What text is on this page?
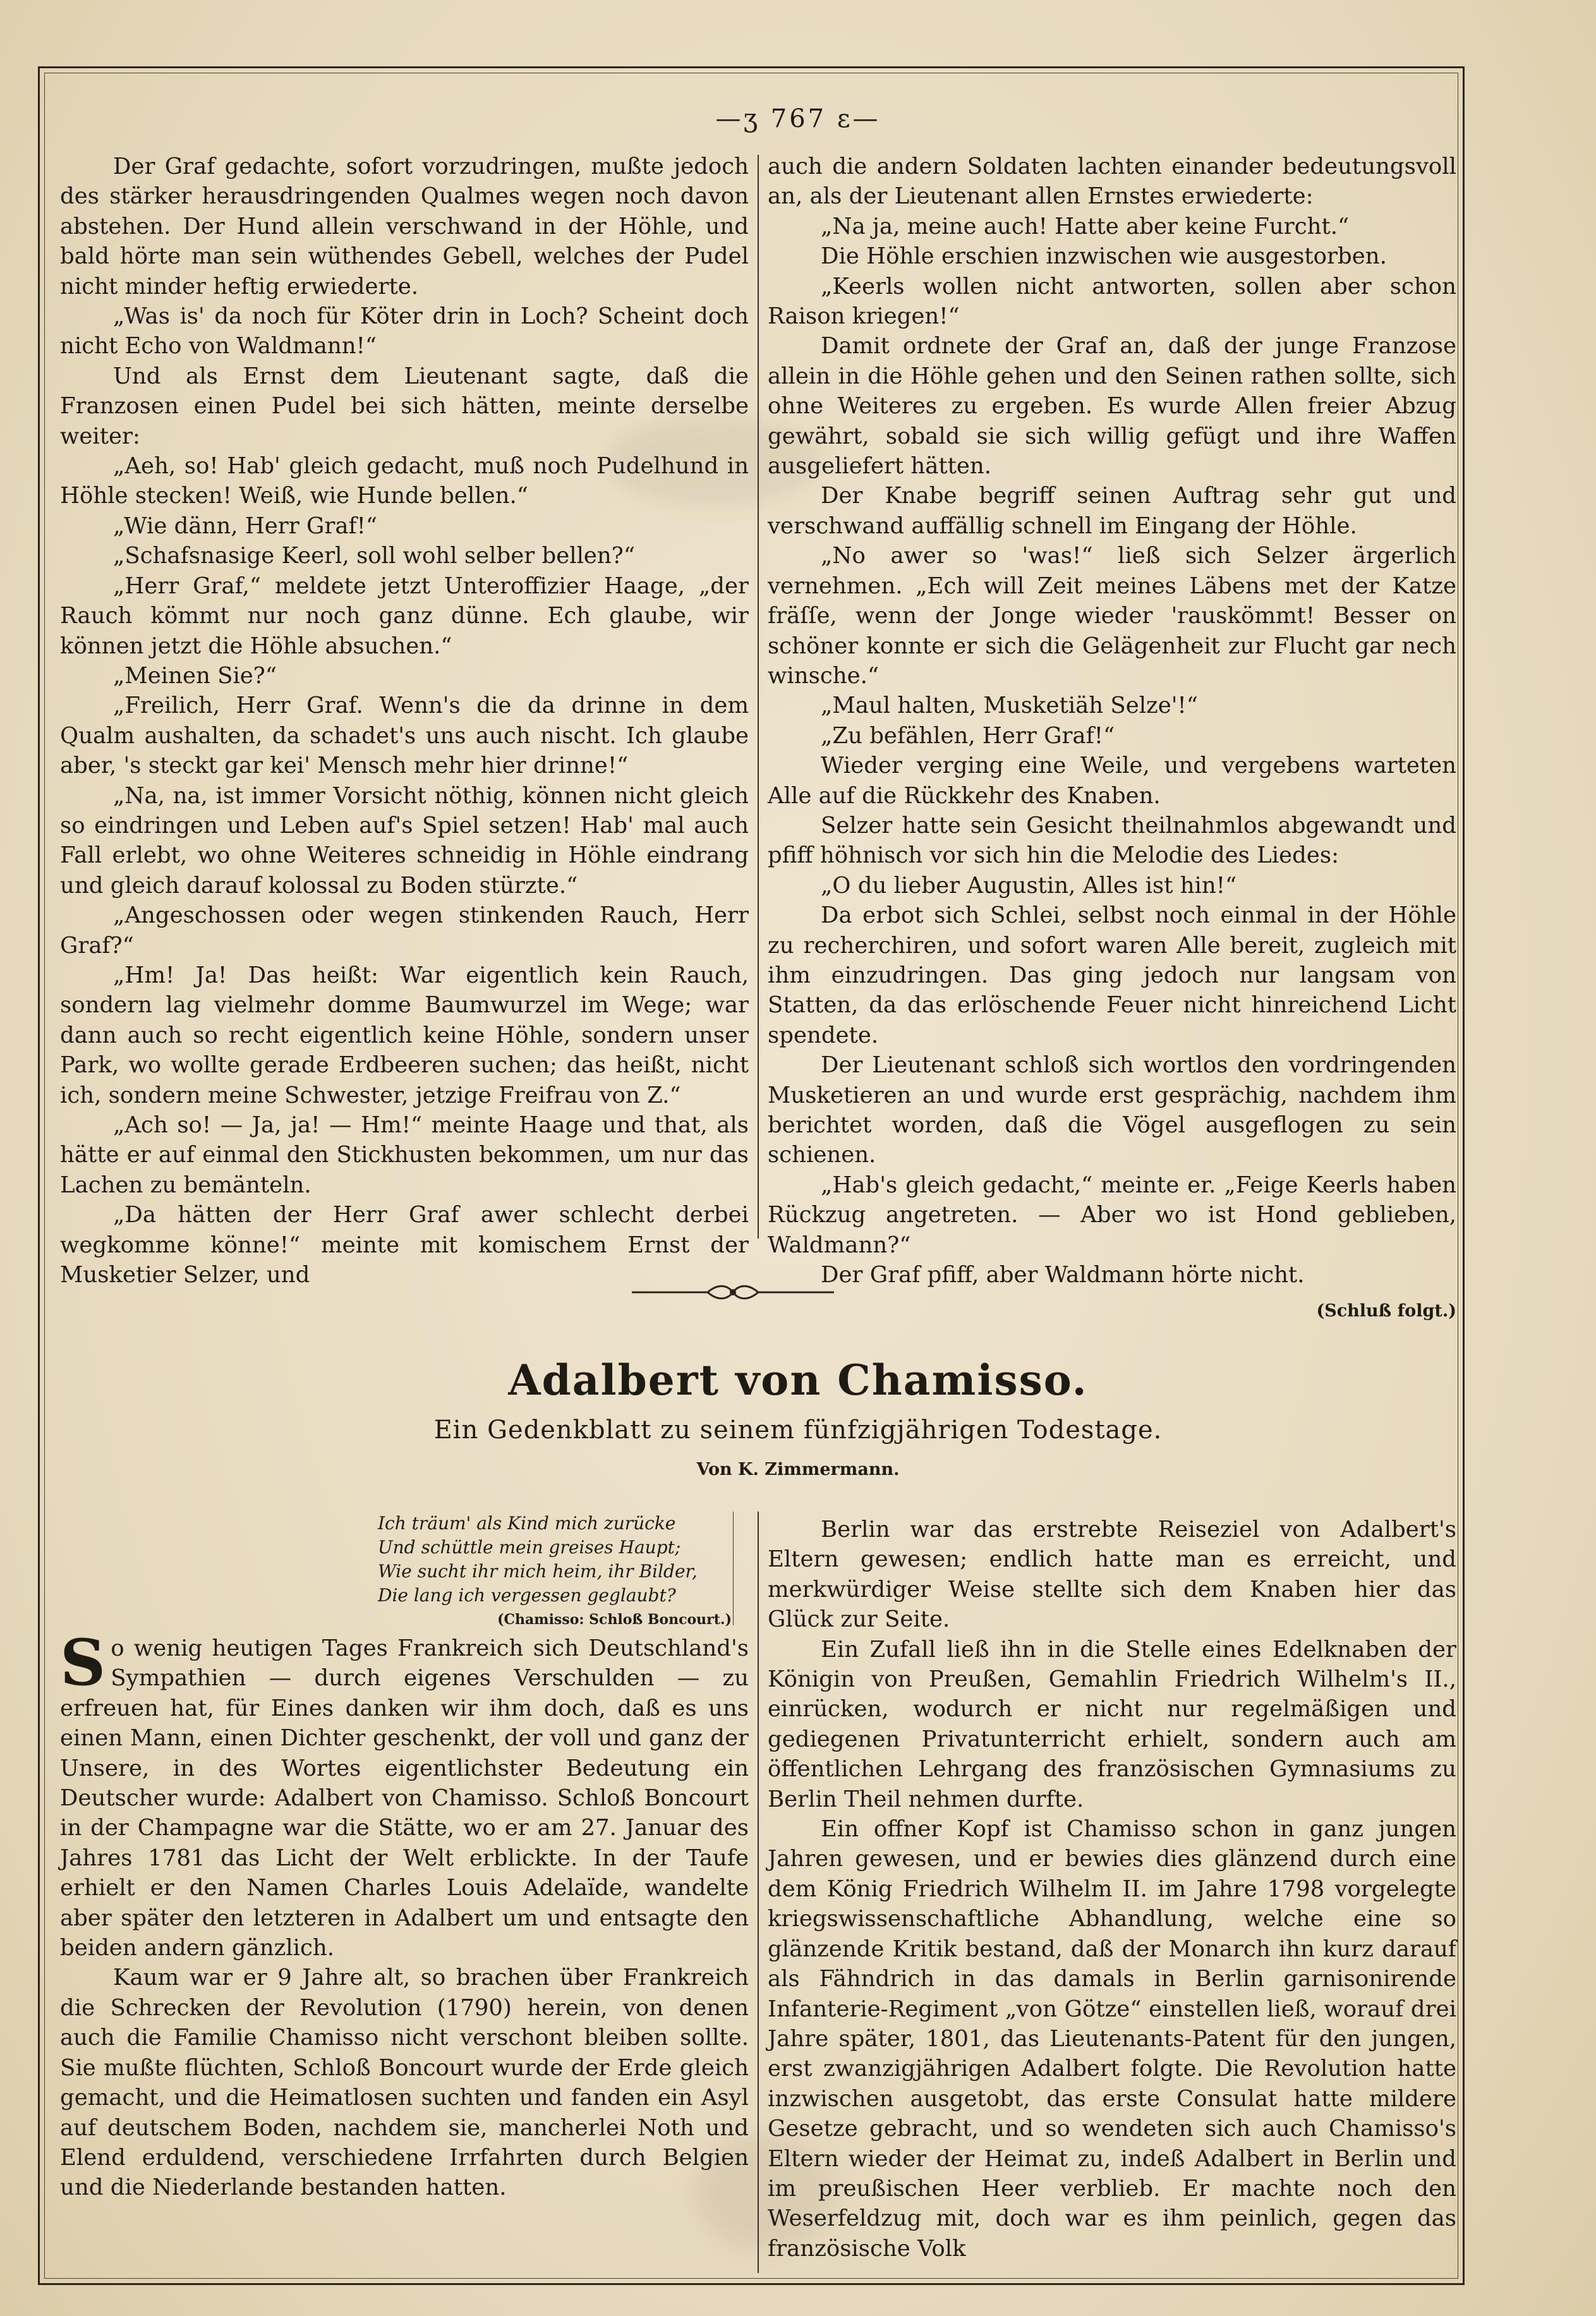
—ʒ 767 ɛ—

Der Graf gedachte, sofort vorzudringen, mußte jedoch des stärker herausdringenden Qualmes wegen noch davon abstehen. Der Hund allein verschwand in der Höhle, und bald hörte man sein wüthendes Gebell, welches der Pudel nicht minder heftig erwiederte.

„Was is' da noch für Köter drin in Loch? Scheint doch nicht Echo von Waldmann!“

Und als Ernst dem Lieutenant sagte, daß die Franzosen einen Pudel bei sich hätten, meinte derselbe weiter:

„Aeh, so! Hab' gleich gedacht, muß noch Pudelhund in Höhle stecken! Weiß, wie Hunde bellen.“

„Wie dänn, Herr Graf!“

„Schafsnasige Keerl, soll wohl selber bellen?“

„Herr Graf,“ meldete jetzt Unteroffizier Haage, „der Rauch kömmt nur noch ganz dünne. Ech glaube, wir können jetzt die Höhle absuchen.“

„Meinen Sie?“

„Freilich, Herr Graf. Wenn's die da drinne in dem Qualm aushalten, da schadet's uns auch nischt. Ich glaube aber, 's steckt gar kei' Mensch mehr hier drinne!“

„Na, na, ist immer Vorsicht nöthig, können nicht gleich so eindringen und Leben auf's Spiel setzen! Hab' mal auch Fall erlebt, wo ohne Weiteres schneidig in Höhle eindrang und gleich darauf kolossal zu Boden stürzte.“

„Angeschossen oder wegen stinkenden Rauch, Herr Graf?“

„Hm! Ja! Das heißt: War eigentlich kein Rauch, sondern lag vielmehr domme Baumwurzel im Wege; war dann auch so recht eigentlich keine Höhle, sondern unser Park, wo wollte gerade Erdbeeren suchen; das heißt, nicht ich, sondern meine Schwester, jetzige Freifrau von Z.“

„Ach so! — Ja, ja! — Hm!“ meinte Haage und that, als hätte er auf einmal den Stickhusten bekommen, um nur das Lachen zu bemänteln.

„Da hätten der Herr Graf awer schlecht derbei wegkomme könne!“ meinte mit komischem Ernst der Musketier Selzer, und

auch die andern Soldaten lachten einander bedeutungsvoll an, als der Lieutenant allen Ernstes erwiederte:

„Na ja, meine auch! Hatte aber keine Furcht.“

Die Höhle erschien inzwischen wie ausgestorben.

„Keerls wollen nicht antworten, sollen aber schon Raison kriegen!“

Damit ordnete der Graf an, daß der junge Franzose allein in die Höhle gehen und den Seinen rathen sollte, sich ohne Weiteres zu ergeben. Es wurde Allen freier Abzug gewährt, sobald sie sich willig gefügt und ihre Waffen ausgeliefert hätten.

Der Knabe begriff seinen Auftrag sehr gut und verschwand auffällig schnell im Eingang der Höhle.

„No awer so 'was!“ ließ sich Selzer ärgerlich vernehmen. „Ech will Zeit meines Läbens met der Katze fräſſe, wenn der Jonge wieder 'rauskömmt! Besser on schöner konnte er sich die Gelägenheit zur Flucht gar nech winsche.“

„Maul halten, Musketiäh Selze'!“

„Zu befählen, Herr Graf!“

Wieder verging eine Weile, und vergebens warteten Alle auf die Rückkehr des Knaben.

Selzer hatte sein Gesicht theilnahmlos abgewandt und pfiff höhnisch vor sich hin die Melodie des Liedes:

„O du lieber Augustin, Alles ist hin!“

Da erbot sich Schlei, selbst noch einmal in der Höhle zu recherchiren, und sofort waren Alle bereit, zugleich mit ihm einzudringen. Das ging jedoch nur langsam von Statten, da das erlöschende Feuer nicht hinreichend Licht spendete.

Der Lieutenant schloß sich wortlos den vordringenden Musketieren an und wurde erst gesprächig, nachdem ihm berichtet worden, daß die Vögel ausgeflogen zu sein schienen.

„Hab's gleich gedacht,“ meinte er. „Feige Keerls haben Rückzug angetreten. — Aber wo ist Hond geblieben, Waldmann?“

Der Graf pfiff, aber Waldmann hörte nicht.

(Schluß folgt.)
Adalbert von Chamisso.
Ein Gedenkblatt zu seinem fünfzigjährigen Todestage.
Von K. Zimmermann.
Ich träum' als Kind mich zurücke
Und schüttle mein greises Haupt;
Wie sucht ihr mich heim, ihr Bilder,
Die lang ich vergessen geglaubt?
(Chamisso: Schloß Boncourt.)

So wenig heutigen Tages Frankreich sich Deutschland's Sympathien — durch eigenes Verschulden — zu erfreuen hat, für Eines danken wir ihm doch, daß es uns einen Mann, einen Dichter geschenkt, der voll und ganz der Unsere, in des Wortes eigentlichster Bedeutung ein Deutscher wurde: Adalbert von Chamisso. Schloß Boncourt in der Champagne war die Stätte, wo er am 27. Januar des Jahres 1781 das Licht der Welt erblickte. In der Taufe erhielt er den Namen Charles Louis Adelaïde, wandelte aber später den letzteren in Adalbert um und entsagte den beiden andern gänzlich.

Kaum war er 9 Jahre alt, so brachen über Frankreich die Schrecken der Revolution (1790) herein, von denen auch die Familie Chamisso nicht verschont bleiben sollte. Sie mußte flüchten, Schloß Boncourt wurde der Erde gleich gemacht, und die Heimatlosen suchten und fanden ein Asyl auf deutschem Boden, nachdem sie, mancherlei Noth und Elend erduldend, verschiedene Irrfahrten durch Belgien und die Niederlande bestanden hatten.

Berlin war das erstrebte Reiseziel von Adalbert's Eltern gewesen; endlich hatte man es erreicht, und merkwürdiger Weise stellte sich dem Knaben hier das Glück zur Seite.

Ein Zufall ließ ihn in die Stelle eines Edelknaben der Königin von Preußen, Gemahlin Friedrich Wilhelm's II., einrücken, wodurch er nicht nur regelmäßigen und gediegenen Privatunterricht erhielt, sondern auch am öffentlichen Lehrgang des französischen Gymnasiums zu Berlin Theil nehmen durfte.

Ein offner Kopf ist Chamisso schon in ganz jungen Jahren gewesen, und er bewies dies glänzend durch eine dem König Friedrich Wilhelm II. im Jahre 1798 vorgelegte kriegswissenschaftliche Abhandlung, welche eine so glänzende Kritik bestand, daß der Monarch ihn kurz darauf als Fähndrich in das damals in Berlin garnisonirende Infanterie-Regiment „von Götze“ einstellen ließ, worauf drei Jahre später, 1801, das Lieutenants-Patent für den jungen, erst zwanzigjährigen Adalbert folgte. Die Revolution hatte inzwischen ausgetobt, das erste Consulat hatte mildere Gesetze gebracht, und so wendeten sich auch Chamisso's Eltern wieder der Heimat zu, indeß Adalbert in Berlin und im preußischen Heer verblieb. Er machte noch den Weserfeldzug mit, doch war es ihm peinlich, gegen das französische Volk
